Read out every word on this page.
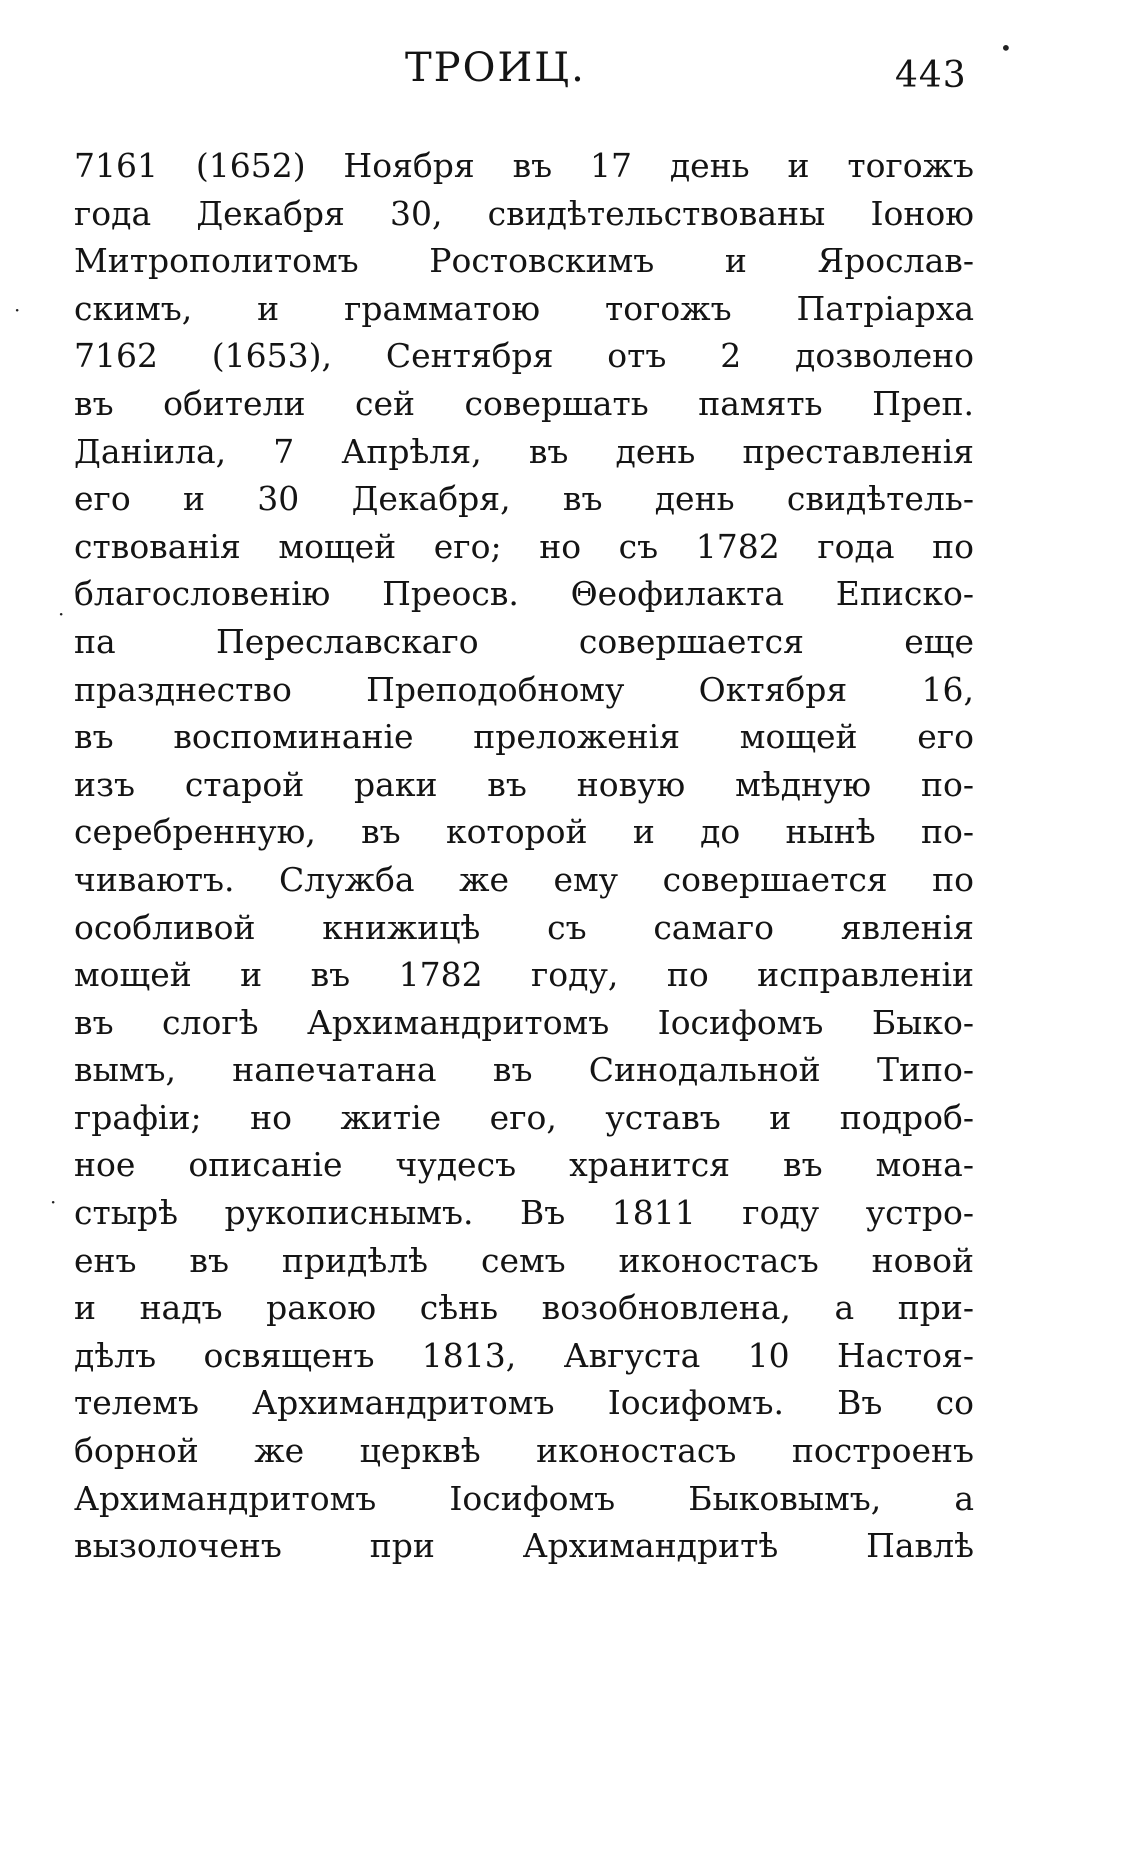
ТРОИЦ.	443
•
·
·
·
7161 (1652) Ноября въ 17 день и тогожъ
года Декабря 30, свидѣтельствованы Іоною
Митрополитомъ Ростовскимъ и Ярослав-
скимъ, и грамматою тогожъ Патріарха
7162 (1653), Сентября отъ 2 дозволено
въ обители сей совершать память Преп.
Даніила, 7 Апрѣля, въ день преставленія
его и 30 Декабря, въ день свидѣтель-
ствованія мощей его; но съ 1782 года по
благословенію Преосв. Θеофилакта Еписко-
па Переславскаго совершается еще
празднество Преподобному Октября 16,
въ воспоминаніе преложенія мощей его
изъ старой раки въ новую мѣдную по-
серебренную, въ которой и до нынѣ по-
чиваютъ. Служба же ему совершается по
особливой книжицѣ съ самаго явленія
мощей и въ 1782 году, по исправленіи
въ слогѣ Архимандритомъ Іосифомъ Быко-
вымъ, напечатана въ Синодальной Типо-
графіи; но житіе его, уставъ и подроб-
ное описаніе чудесъ хранится въ мона-
стырѣ рукописнымъ. Въ 1811 году устро-
енъ въ придѣлѣ семъ иконостасъ новой
и надъ ракою сѣнь возобновлена, а при-
дѣлъ освященъ 1813, Августа 10 Настоя-
телемъ Архимандритомъ Іосифомъ. Въ со
борной же церквѣ иконостасъ построенъ
Архимандритомъ Іосифомъ Быковымъ, а
вызолоченъ при Архимандритѣ Павлѣ
